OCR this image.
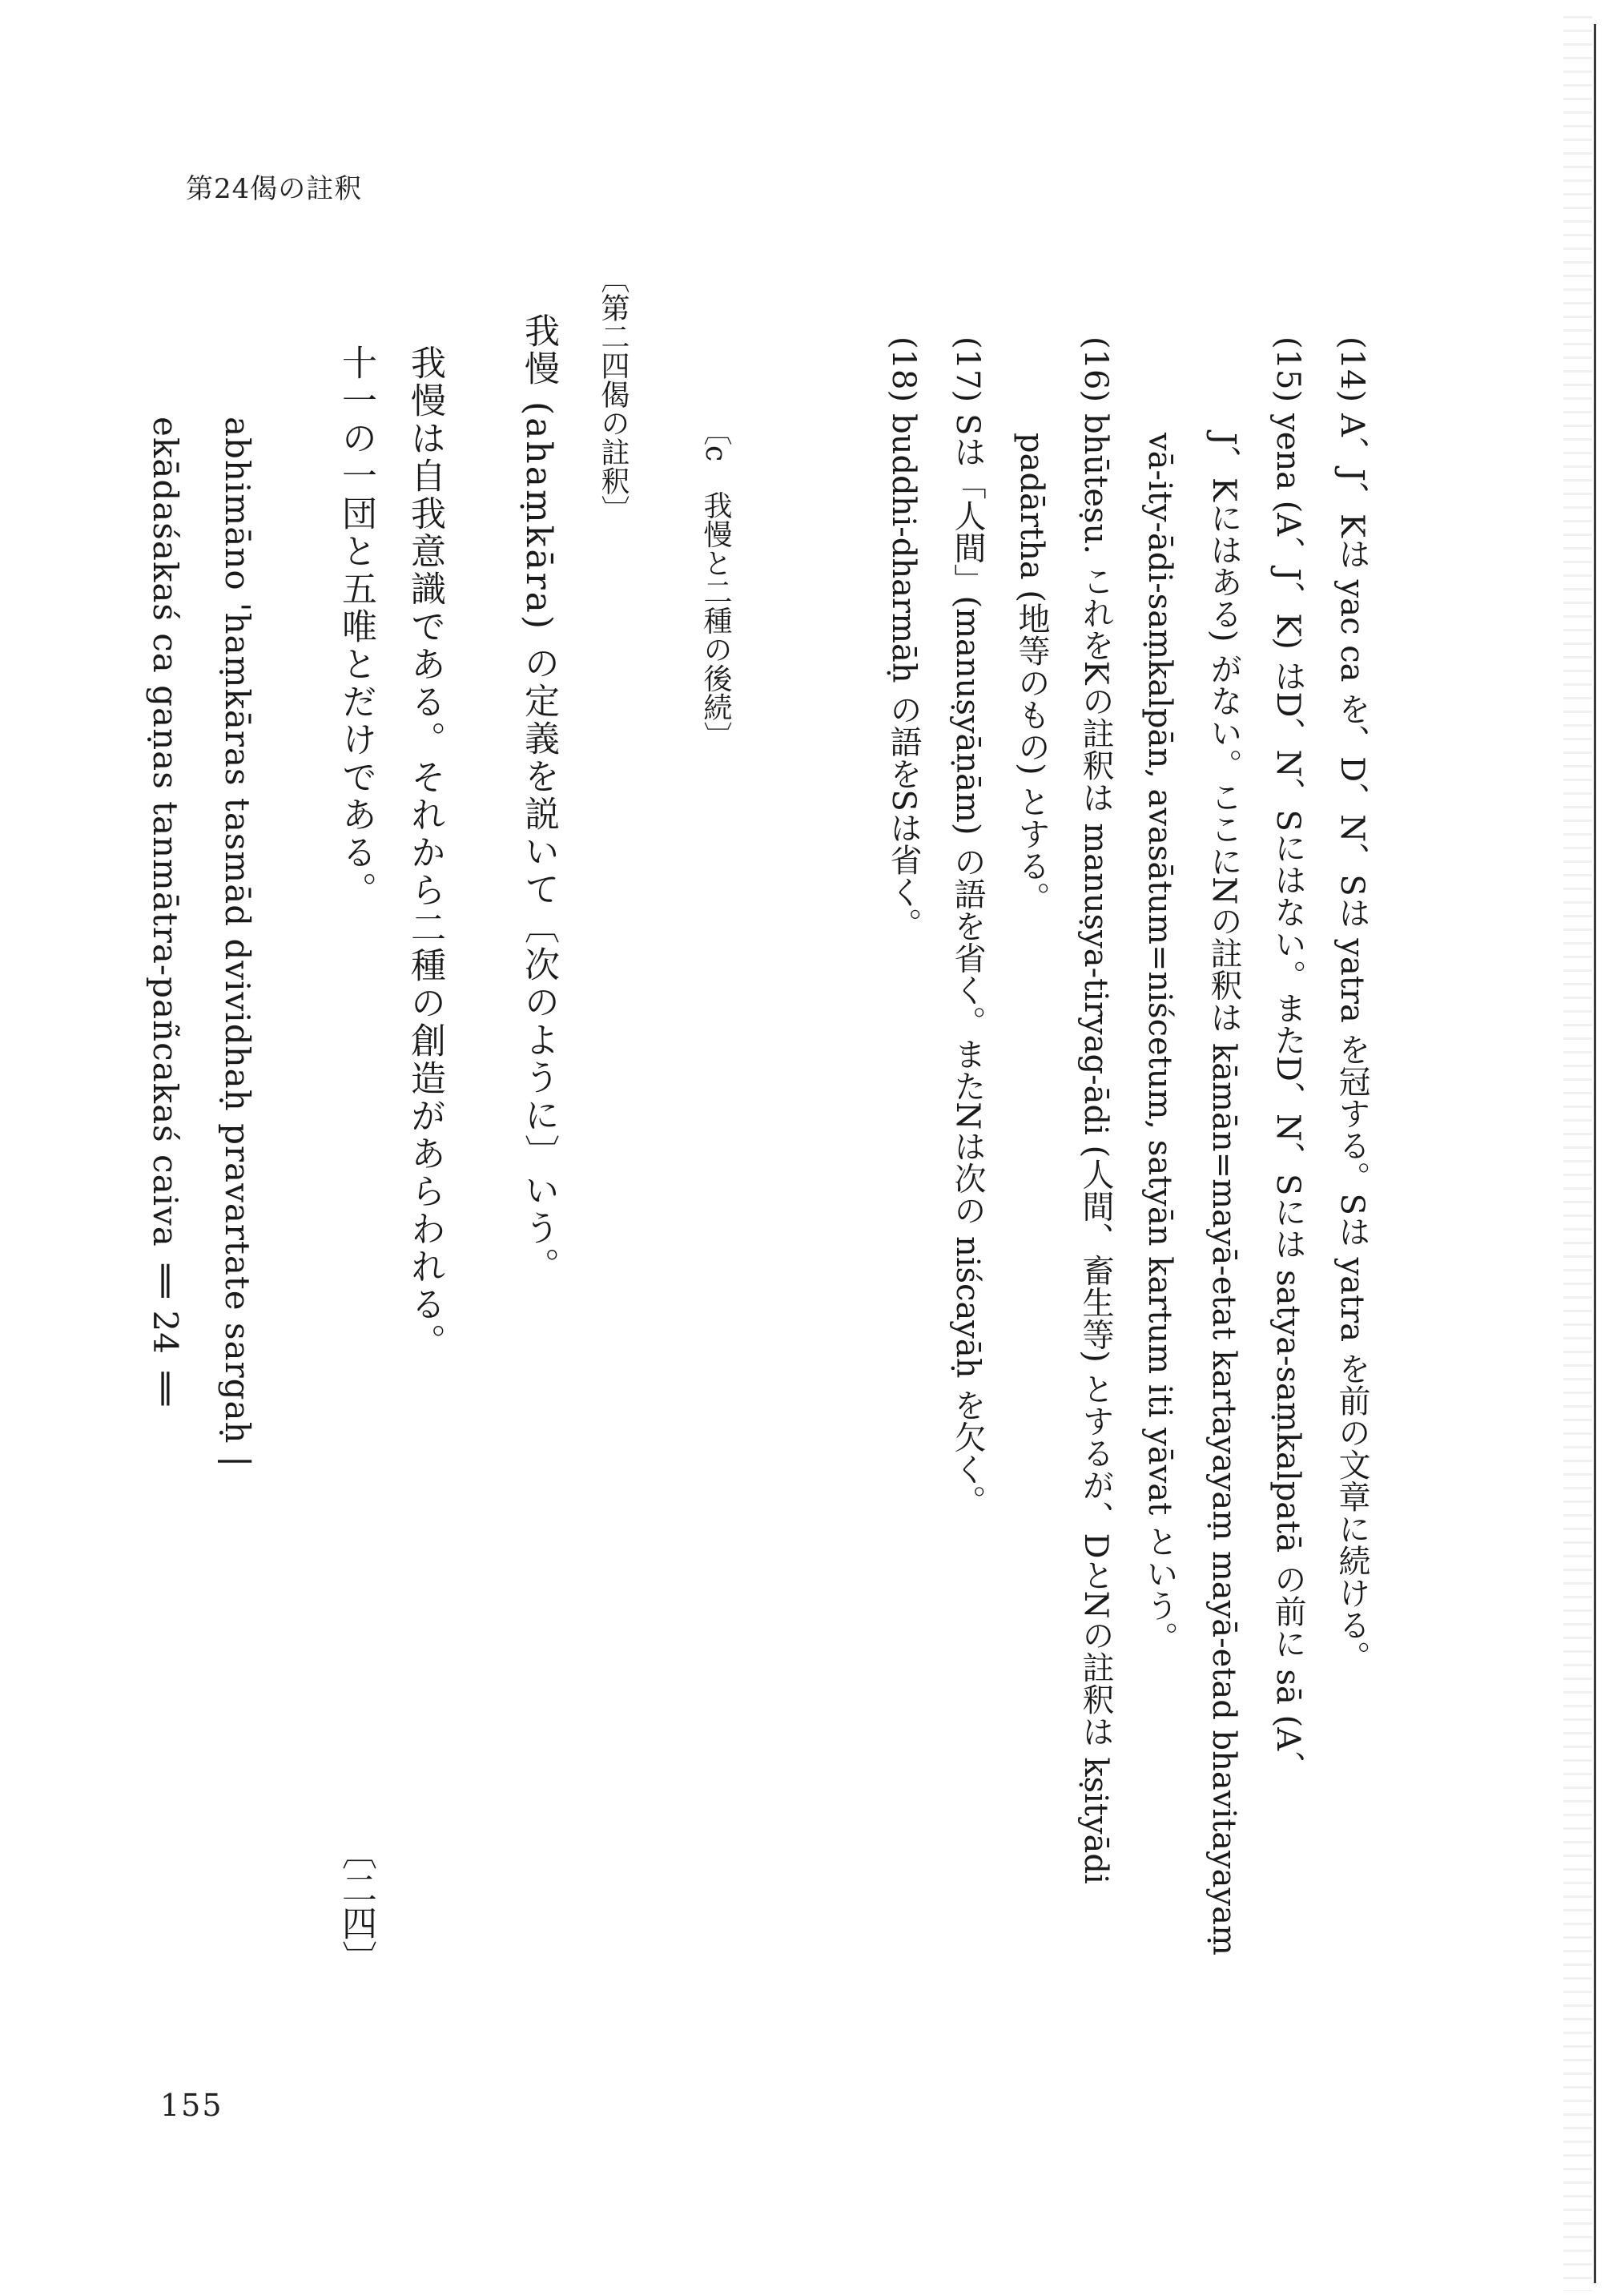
第24偈の註釈
(14)A、J、Kは yac ca を、D、N、Sは yatra を冠する。Sは yatra を前の文章に続ける。
(15)yena (A、J、K) はD、N、Sにはない。またD、N、Sには satya-saṃkalpatā の前に sā (A、
J、Kにはある) がない。ここにNの註釈は kāmān=mayā-etat kartayayaṃ mayā-etad bhavitayayaṃ
vā-ity-ādi-saṃkalpān, avasātum=niścetum, satyān kartum iti yāvat という。
(16)bhūteṣu. これをKの註釈は manuṣya-tiryag-ādi (人間、畜生等) とするが、DとNの註釈は kṣityādi
padārtha (地等のもの) とする。
(17)Sは「人間」(manuṣyāṇām) の語を省く。またNは次の niścayāḥ を欠く。
(18)buddhi-dharmāḥ の語をSは省く。
〔c　我慢と二種の後続〕
〔第二四偈の註釈〕
我慢 (ahaṃkāra) の定義を説いて〔次のように〕いう。
十一の一団と五唯とだけである。 我慢は自我意識である。それから二種の創造があらわれる。
abhimāno 'haṃkāras tasmād dvividhaḥ pravartate sargaḥ |
ekādaśakaś ca gaṇas tanmātra-pañcakaś caiva ‖ 24 ‖
〔二四〕
155
